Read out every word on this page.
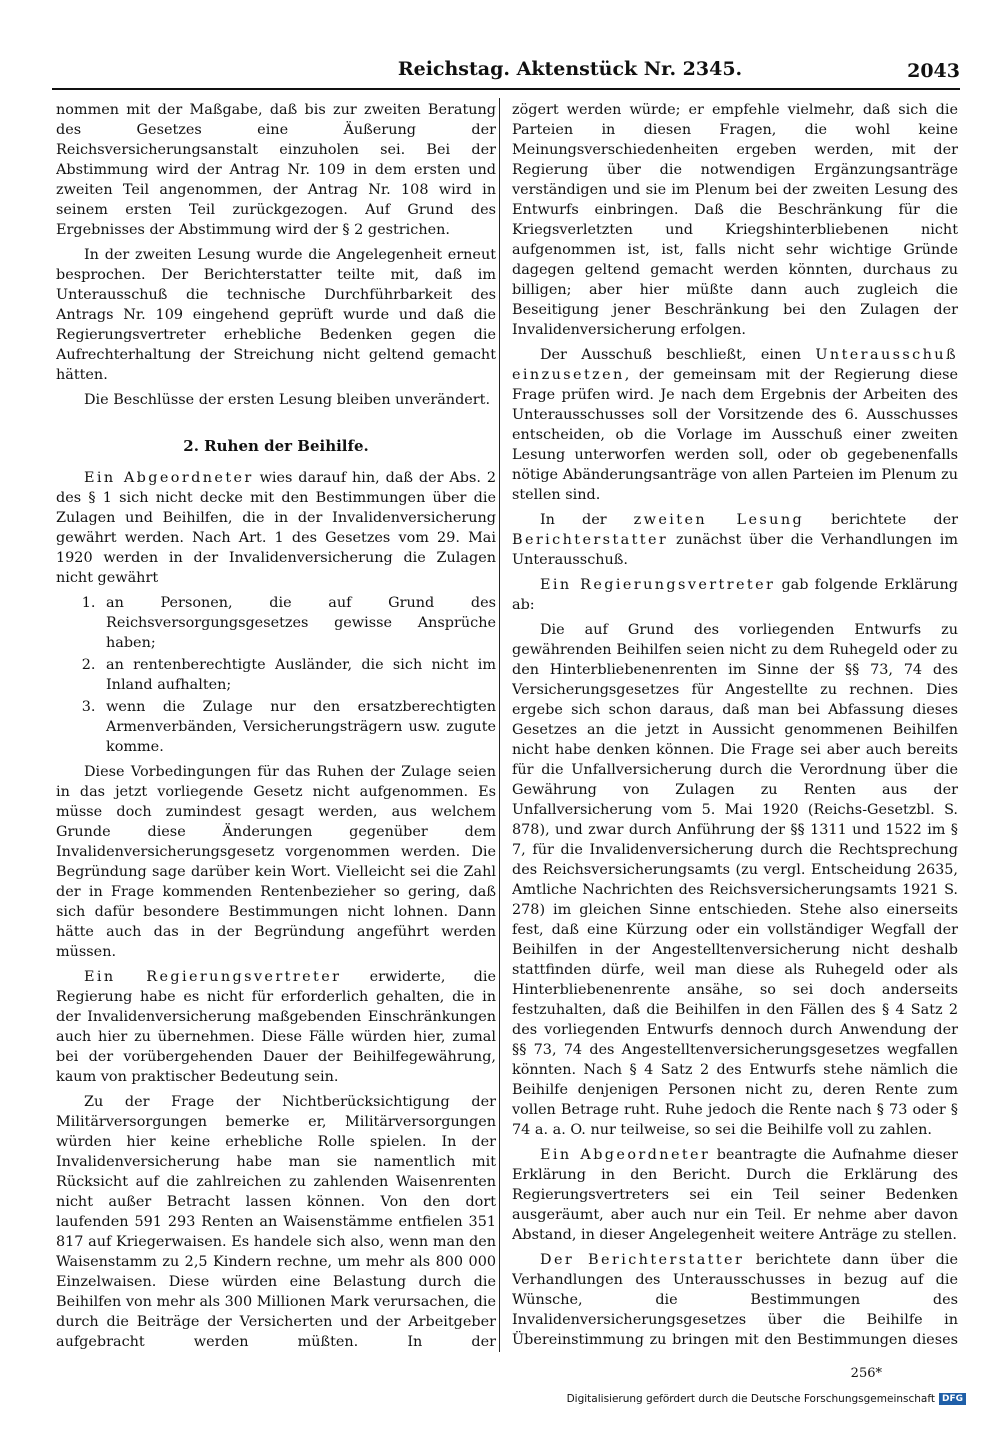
Reichstag. Aktenstück Nr. 2345.	2043

nommen mit der Maßgabe, daß bis zur zweiten Beratung des Gesetzes eine Äußerung der Reichsversicherungsanstalt einzuholen sei. Bei der Abstimmung wird der Antrag Nr. 109 in dem ersten und zweiten Teil angenommen, der Antrag Nr. 108 wird in seinem ersten Teil zurückgezogen. Auf Grund des Ergebnisses der Abstimmung wird der § 2 gestrichen.

In der zweiten Lesung wurde die Angelegenheit erneut besprochen. Der Berichterstatter teilte mit, daß im Unterausschuß die technische Durchführbarkeit des Antrags Nr. 109 eingehend geprüft wurde und daß die Regierungsvertreter erhebliche Bedenken gegen die Aufrechterhaltung der Streichung nicht geltend gemacht hätten.

Die Beschlüsse der ersten Lesung bleiben unverändert.

2. Ruhen der Beihilfe.

Ein Abgeordneter wies darauf hin, daß der Abs. 2 des § 1 sich nicht decke mit den Bestimmungen über die Zulagen und Beihilfen, die in der Invalidenversicherung gewährt werden. Nach Art. 1 des Gesetzes vom 29. Mai 1920 werden in der Invalidenversicherung die Zulagen nicht gewährt

1. an Personen, die auf Grund des Reichsversorgungsgesetzes gewisse Ansprüche haben;
2. an rentenberechtigte Ausländer, die sich nicht im Inland aufhalten;
3. wenn die Zulage nur den ersatzberechtigten Armenverbänden, Versicherungsträgern usw. zugute komme.

Diese Vorbedingungen für das Ruhen der Zulage seien in das jetzt vorliegende Gesetz nicht aufgenommen. Es müsse doch zumindest gesagt werden, aus welchem Grunde diese Änderungen gegenüber dem Invalidenversicherungsgesetz vorgenommen werden. Die Begründung sage darüber kein Wort. Vielleicht sei die Zahl der in Frage kommenden Rentenbezieher so gering, daß sich dafür besondere Bestimmungen nicht lohnen. Dann hätte auch das in der Begründung angeführt werden müssen.

Ein Regierungsvertreter erwiderte, die Regierung habe es nicht für erforderlich gehalten, die in der Invalidenversicherung maßgebenden Einschränkungen auch hier zu übernehmen. Diese Fälle würden hier, zumal bei der vorübergehenden Dauer der Beihilfegewährung, kaum von praktischer Bedeutung sein.

Zu der Frage der Nichtberücksichtigung der Militärversorgungen bemerke er, Militärversorgungen würden hier keine erhebliche Rolle spielen. In der Invalidenversicherung habe man sie namentlich mit Rücksicht auf die zahlreichen zu zahlenden Waisenrenten nicht außer Betracht lassen können. Von den dort laufenden 591 293 Renten an Waisenstämme entfielen 351 817 auf Kriegerwaisen. Es handele sich also, wenn man den Waisenstamm zu 2,5 Kindern rechne, um mehr als 800 000 Einzelwaisen. Diese würden eine Belastung durch die Beihilfen von mehr als 300 Millionen Mark verursachen, die durch die Beiträge der Versicherten und der Arbeitgeber aufgebracht werden müßten. In der

zögert werden würde; er empfehle vielmehr, daß sich die Parteien in diesen Fragen, die wohl keine Meinungsverschiedenheiten ergeben werden, mit der Regierung über die notwendigen Ergänzungsanträge verständigen und sie im Plenum bei der zweiten Lesung des Entwurfs einbringen. Daß die Beschränkung für die Kriegsverletzten und Kriegshinterbliebenen nicht aufgenommen ist, ist, falls nicht sehr wichtige Gründe dagegen geltend gemacht werden könnten, durchaus zu billigen; aber hier müßte dann auch zugleich die Beseitigung jener Beschränkung bei den Zulagen der Invalidenversicherung erfolgen.

Der Ausschuß beschließt, einen Unterausschuß einzusetzen, der gemeinsam mit der Regierung diese Frage prüfen wird. Je nach dem Ergebnis der Arbeiten des Unterausschusses soll der Vorsitzende des 6. Ausschusses entscheiden, ob die Vorlage im Ausschuß einer zweiten Lesung unterworfen werden soll, oder ob gegebenenfalls nötige Abänderungsanträge von allen Parteien im Plenum zu stellen sind.

In der zweiten Lesung berichtete der Berichterstatter zunächst über die Verhandlungen im Unterausschuß.

Ein Regierungsvertreter gab folgende Erklärung ab:

Die auf Grund des vorliegenden Entwurfs zu gewährenden Beihilfen seien nicht zu dem Ruhegeld oder zu den Hinterbliebenenrenten im Sinne der §§ 73, 74 des Versicherungsgesetzes für Angestellte zu rechnen. Dies ergebe sich schon daraus, daß man bei Abfassung dieses Gesetzes an die jetzt in Aussicht genommenen Beihilfen nicht habe denken können. Die Frage sei aber auch bereits für die Unfallversicherung durch die Verordnung über die Gewährung von Zulagen zu Renten aus der Unfallversicherung vom 5. Mai 1920 (Reichs-Gesetzbl. S. 878), und zwar durch Anführung der §§ 1311 und 1522 im § 7, für die Invalidenversicherung durch die Rechtsprechung des Reichsversicherungsamts (zu vergl. Entscheidung 2635, Amtliche Nachrichten des Reichsversicherungsamts 1921 S. 278) im gleichen Sinne entschieden. Stehe also einerseits fest, daß eine Kürzung oder ein vollständiger Wegfall der Beihilfen in der Angestelltenversicherung nicht deshalb stattfinden dürfe, weil man diese als Ruhegeld oder als Hinterbliebenenrente ansähe, so sei doch anderseits festzuhalten, daß die Beihilfen in den Fällen des § 4 Satz 2 des vorliegenden Entwurfs dennoch durch Anwendung der §§ 73, 74 des Angestelltenversicherungsgesetzes wegfallen könnten. Nach § 4 Satz 2 des Entwurfs stehe nämlich die Beihilfe denjenigen Personen nicht zu, deren Rente zum vollen Betrage ruht. Ruhe jedoch die Rente nach § 73 oder § 74 a. a. O. nur teilweise, so sei die Beihilfe voll zu zahlen.

Ein Abgeordneter beantragte die Aufnahme dieser Erklärung in den Bericht. Durch die Erklärung des Regierungsvertreters sei ein Teil seiner Bedenken ausgeräumt, aber auch nur ein Teil. Er nehme aber davon Abstand, in dieser Angelegenheit weitere Anträge zu stellen.

Der Berichterstatter berichtete dann über die Verhandlungen des Unterausschusses in bezug auf die Wünsche, die Bestimmungen des Invalidenversicherungsgesetzes über die Beihilfe in Übereinstimmung zu bringen mit den Bestimmungen dieses

256*
Digitalisierung gefördert durch die Deutsche Forschungsgemeinschaft DFG
